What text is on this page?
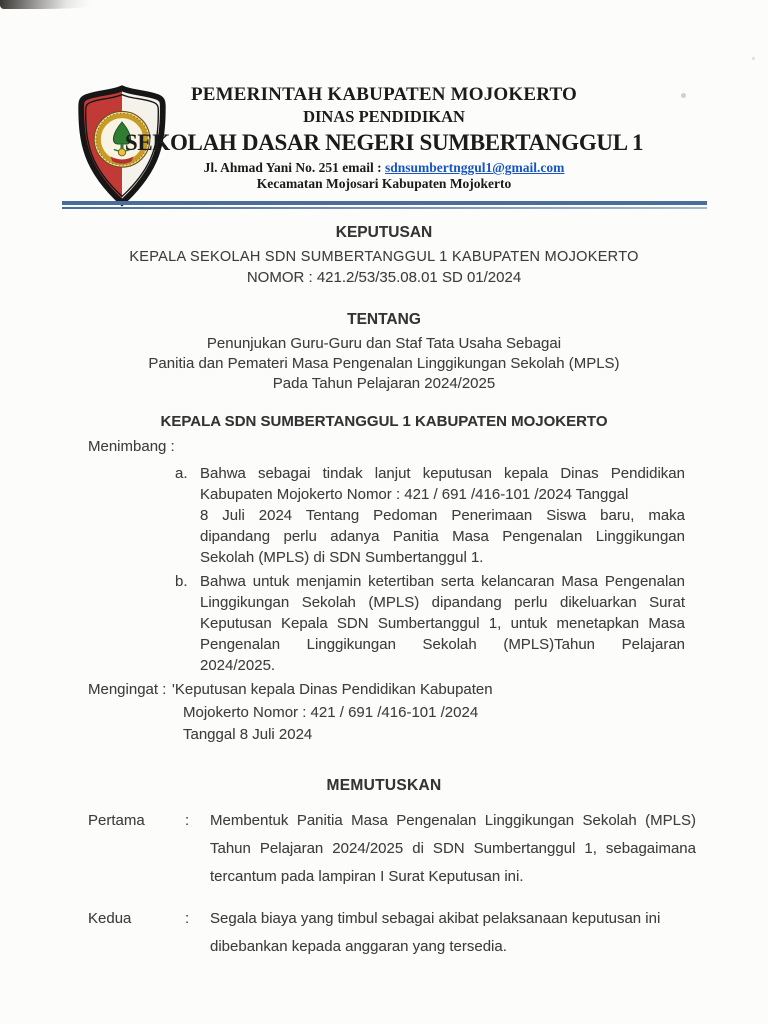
PEMERINTAH KABUPATEN MOJOKERTO
DINAS PENDIDIKAN
SEKOLAH DASAR NEGERI SUMBERTANGGUL 1
Jl. Ahmad Yani No. 251 email : sdnsumbertnggul1@gmail.com
Kecamatan Mojosari Kabupaten Mojokerto
KEPUTUSAN
KEPALA SEKOLAH SDN SUMBERTANGGUL 1 KABUPATEN MOJOKERTO
NOMOR : 421.2/53/35.08.01 SD 01/2024
TENTANG
Penunjukan Guru-Guru dan Staf Tata Usaha Sebagai
Panitia dan Pemateri Masa Pengenalan Linggikungan Sekolah (MPLS)
Pada Tahun Pelajaran 2024/2025
KEPALA SDN SUMBERTANGGUL 1 KABUPATEN MOJOKERTO
Menimbang :
a. Bahwa sebagai tindak lanjut keputusan kepala Dinas Pendidikan
Kabupaten Mojokerto Nomor : 421 / 691 /416-101 /2024 Tanggal
8 Juli 2024 Tentang Pedoman Penerimaan Siswa baru, maka
dipandang perlu adanya Panitia Masa Pengenalan Linggikungan
Sekolah (MPLS) di SDN Sumbertanggul 1.
b. Bahwa untuk menjamin ketertiban serta kelancaran Masa Pengenalan
Linggikungan Sekolah (MPLS) dipandang perlu dikeluarkan Surat
Keputusan Kepala SDN Sumbertanggul 1, untuk menetapkan Masa
Pengenalan Linggikungan Sekolah (MPLS)Tahun Pelajaran
2024/2025.
Mengingat : 'Keputusan kepala Dinas Pendidikan Kabupaten
Mojokerto Nomor : 421 / 691 /416-101 /2024
Tanggal 8 Juli 2024
MEMUTUSKAN
Pertama	:	Membentuk Panitia Masa Pengenalan Linggikungan Sekolah (MPLS)
Tahun Pelajaran 2024/2025 di SDN Sumbertanggul 1, sebagaimana
tercantum pada lampiran I Surat Keputusan ini.
Kedua	:	Segala biaya yang timbul sebagai akibat pelaksanaan keputusan ini
dibebankan kepada anggaran yang tersedia.
